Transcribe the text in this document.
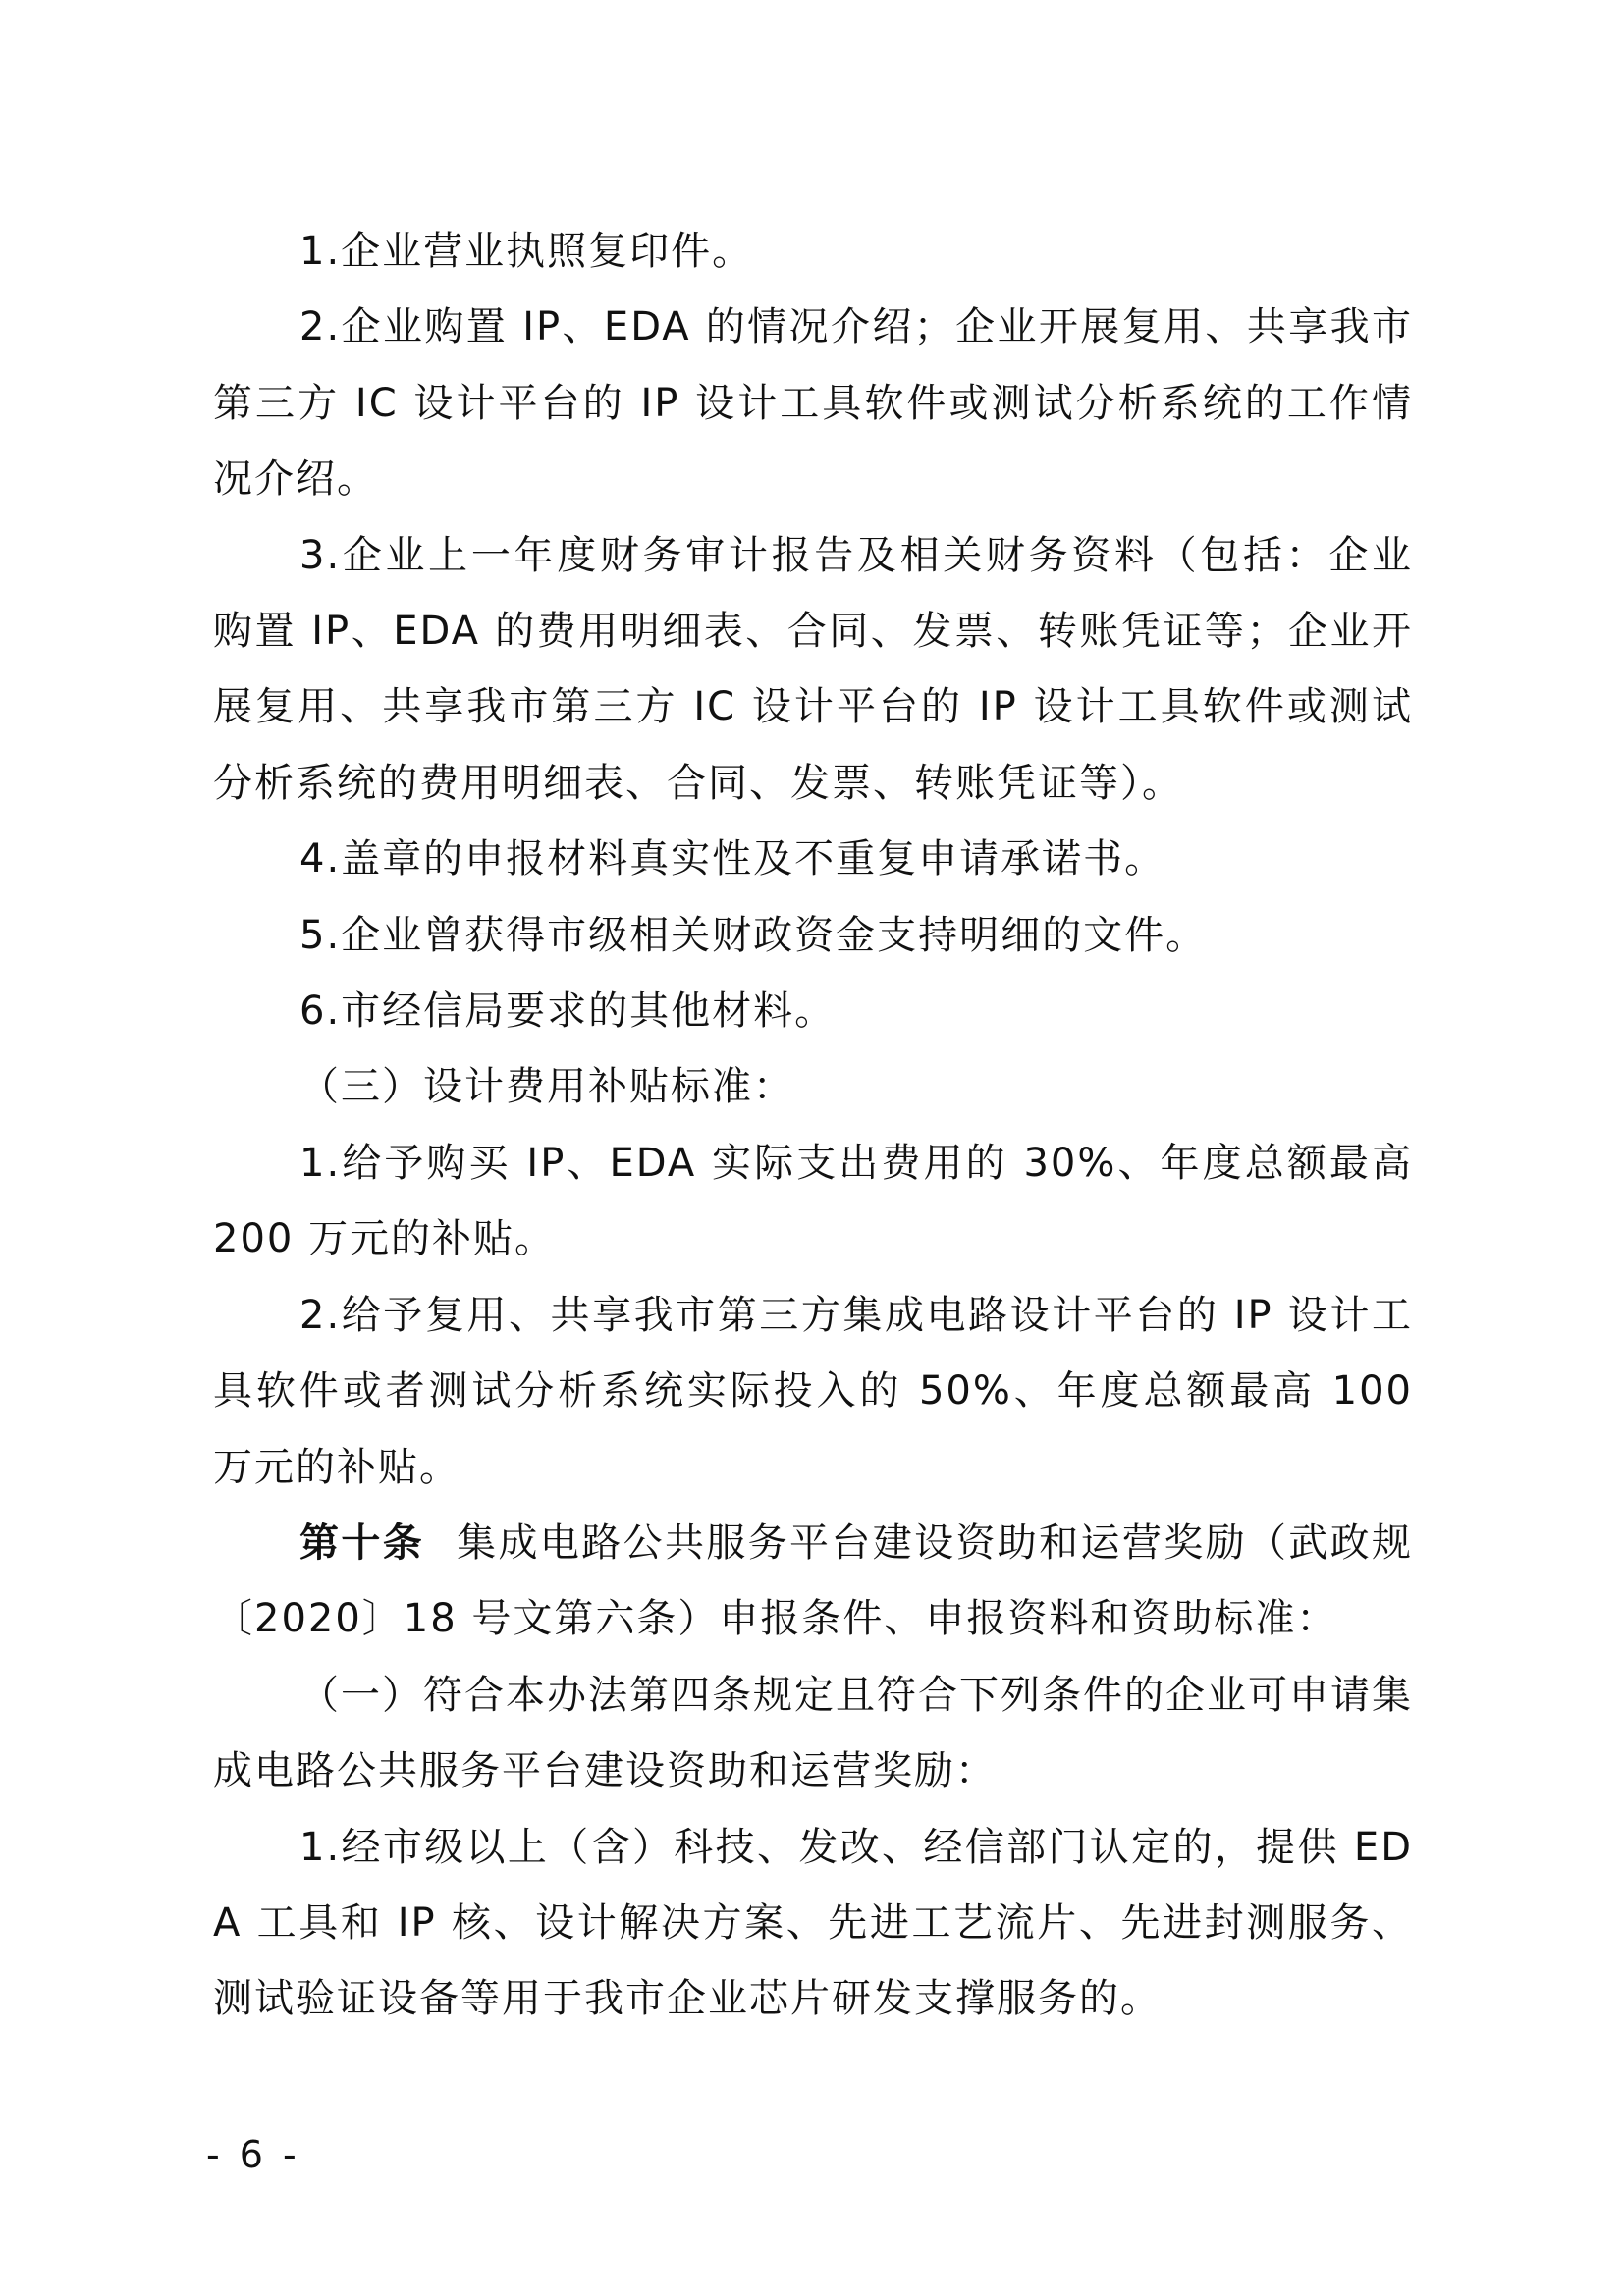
1.企业营业执照复印件。

2.企业购置 IP、EDA 的情况介绍；企业开展复用、共享我市第三方 IC 设计平台的 IP 设计工具软件或测试分析系统的工作情况介绍。

3.企业上一年度财务审计报告及相关财务资料（包括：企业购置 IP、EDA 的费用明细表、合同、发票、转账凭证等；企业开展复用、共享我市第三方 IC 设计平台的 IP 设计工具软件或测试分析系统的费用明细表、合同、发票、转账凭证等）。

4.盖章的申报材料真实性及不重复申请承诺书。

5.企业曾获得市级相关财政资金支持明细的文件。

6.市经信局要求的其他材料。

（三）设计费用补贴标准：

1.给予购买 IP、EDA 实际支出费用的 30%、年度总额最高 200 万元的补贴。

2.给予复用、共享我市第三方集成电路设计平台的 IP 设计工具软件或者测试分析系统实际投入的 50%、年度总额最高 100 万元的补贴。

第十条 集成电路公共服务平台建设资助和运营奖励（武政规〔2020〕18 号文第六条）申报条件、申报资料和资助标准：

（一）符合本办法第四条规定且符合下列条件的企业可申请集成电路公共服务平台建设资助和运营奖励：

1.经市级以上（含）科技、发改、经信部门认定的，提供 EDA 工具和 IP 核、设计解决方案、先进工艺流片、先进封测服务、测试验证设备等用于我市企业芯片研发支撑服务的。

- 6 -
